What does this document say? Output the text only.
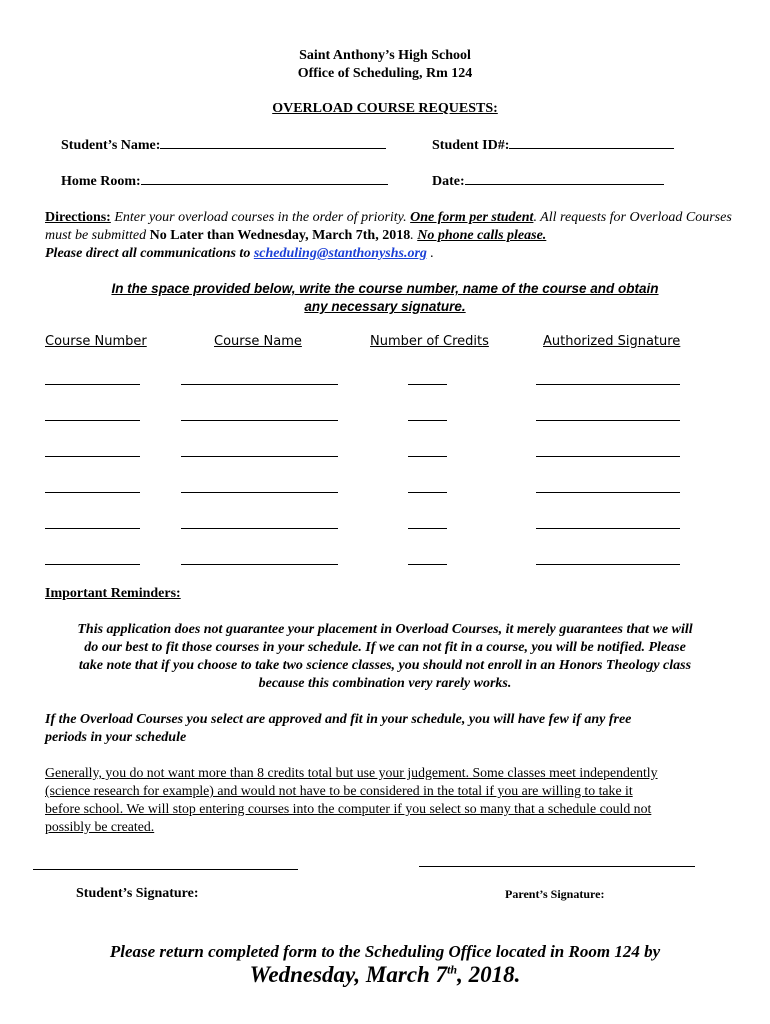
Saint Anthony’s High School
Office of Scheduling, Rm 124
OVERLOAD COURSE REQUESTS:
Student’s Name:	Student ID#:
Home Room:	Date:
Directions: Enter your overload courses in the order of priority. One form per student. All requests for Overload Courses must be submitted No Later than Wednesday, March 7th, 2018. No phone calls please.
Please direct all communications to scheduling@stanthonyshs.org .
In the space provided below, write the course number, name of the course and obtain
any necessary signature.
Course Number	Course Name	Number of Credits	Authorized Signature
Important Reminders:
This application does not guarantee your placement in Overload Courses, it merely guarantees that we will
do our best to fit those courses in your schedule. If we can not fit in a course, you will be notified. Please
take note that if you choose to take two science classes, you should not enroll in an Honors Theology class
because this combination very rarely works.
If the Overload Courses you select are approved and fit in your schedule, you will have few if any free
periods in your schedule
Generally, you do not want more than 8 credits total but use your judgement. Some classes meet independently
(science research for example) and would not have to be considered in the total if you are willing to take it
before school. We will stop entering courses into the computer if you select so many that a schedule could not
possibly be created.
Student’s Signature:	Parent’s Signature:
Please return completed form to the Scheduling Office located in Room 124 by
Wednesday, March 7th, 2018.
